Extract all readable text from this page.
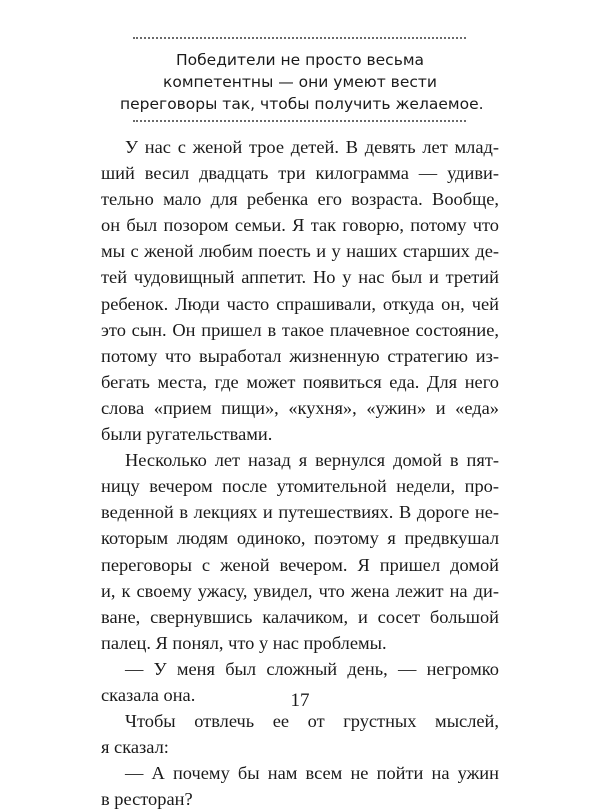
Победители не просто весьма
компетентны — они умеют вести
переговоры так, чтобы получить желаемое.
У нас с женой трое детей. В девять лет млад-
ший весил двадцать три килограмма — удиви-
тельно мало для ребенка его возраста. Вообще,
он был позором семьи. Я так говорю, потому что
мы с женой любим поесть и у наших старших де-
тей чудовищный аппетит. Но у нас был и третий
ребенок. Люди часто спрашивали, откуда он, чей
это сын. Он пришел в такое плачевное состояние,
потому что выработал жизненную стратегию из-
бегать места, где может появиться еда. Для него
слова «прием пищи», «кухня», «ужин» и «еда»
были ругательствами.
Несколько лет назад я вернулся домой в пят-
ницу вечером после утомительной недели, про-
веденной в лекциях и путешествиях. В дороге не-
которым людям одиноко, поэтому я предвкушал
переговоры с женой вечером. Я пришел домой
и, к своему ужасу, увидел, что жена лежит на ди-
ване, свернувшись калачиком, и сосет большой
палец. Я понял, что у нас проблемы.
— У меня был сложный день, — негромко
сказала она.
Чтобы отвлечь ее от грустных мыслей,
я сказал:
— А почему бы нам всем не пойти на ужин
в ресторан?
17
